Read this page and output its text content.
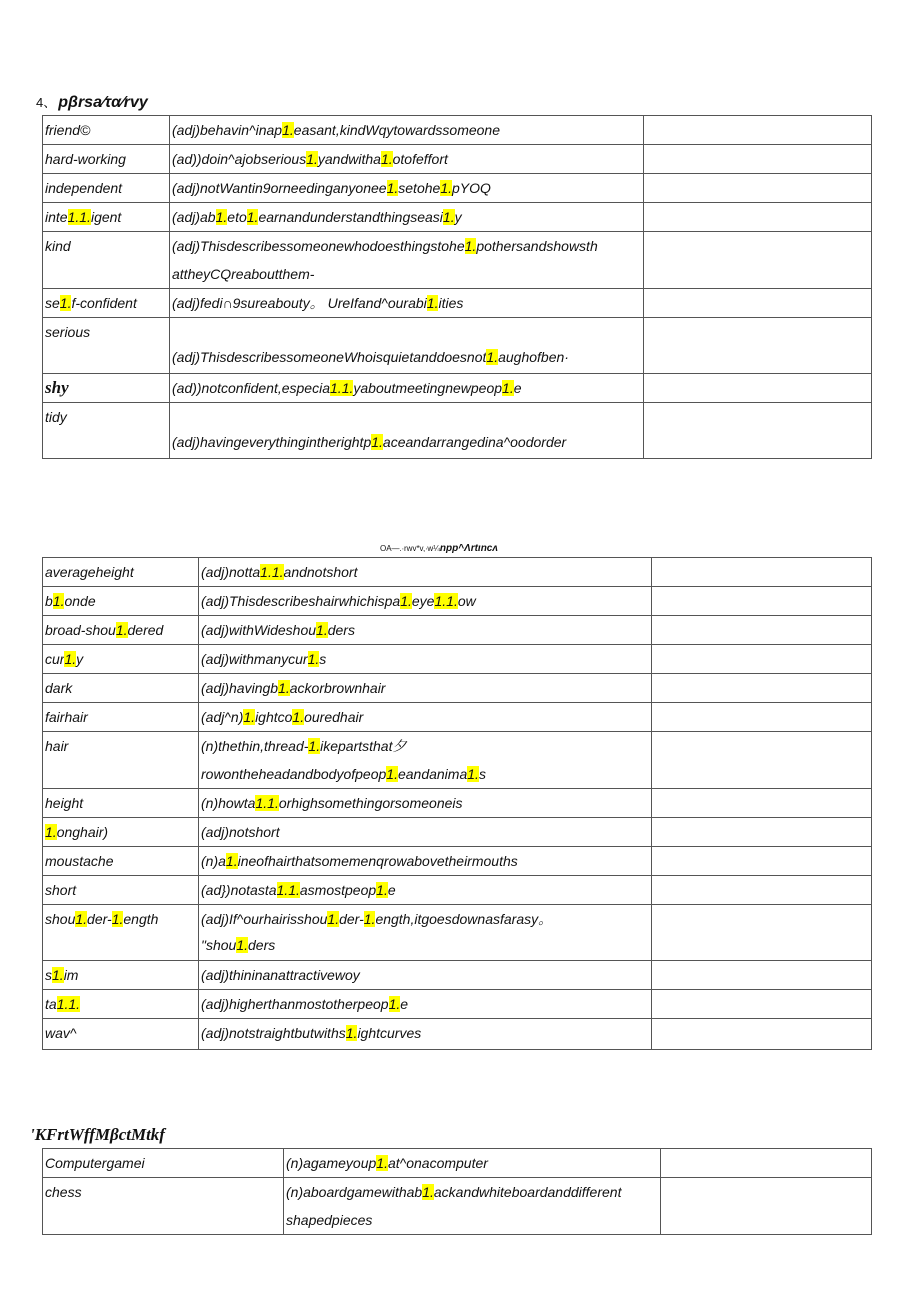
4、 pβrsa⁄τα⁄rvy
friend©	(adj)behavin^inap1.easant,kindWqytowardssomeone	
hard-working	(ad))doin^ajobserious1.yandwitha1.otofeffort	
independent	(adj)notWantin9orneedinganyonee1.setohe1.pYOQ	
inte1.1.igent	(adj)ab1.eto1.earnandunderstandthingseasi1.y	
kind	(adj)Thisdescribessomeonewhodoesthingstohe1.pothersandshowsth
attheyCQreaboutthem-	

se1.f-confident	(adj)fedi∩9sureabouty。 UreIfand^ourabi1.ities	
serious	(adj)ThisdescribessomeoneWhoisquietanddoesnot1.aughofben·	
shy	(ad))notconfident,especia1.1.yaboutmeetingnewpeop1.e	
tidy	(adj)havingeverythingintherightp1.aceandarrangedina^oodorder	
OA—.∙rwv*v,∙w¼npp^Λrtιncʌ
averageheight	(adj)notta1.1.andnotshort	
b1.onde	(adj)Thisdescribeshairwhichispa1.eye1.1.ow	
broad-shou1.dered	(adj)withWideshou1.ders	
cur1.y	(adj)withmanycur1.s	
dark	(adj)havingb1.ackorbrownhair	
fairhair	(adj^n)1.ightco1.ouredhair	
hair	(n)thethin,thread-1.ikepartsthat夕
rowontheheadandbodyofpeop1.eandanima1.s	

height	(n)howta1.1.orhighsomethingorsomeoneis	
1.onghair)	(adj)notshort	
moustache	(n)a1.ineofhairthatsomemenqrowabovetheirmouths	
short	(ad})notasta1.1.asmostpeop1.e	
shou1.der-1.ength	(adj)If^ourhairisshou1.der-1.ength,itgoesdownasfarasy。
"shou1.ders	

s1.im	(adj)thininanattractivewoy	
ta1.1.	(adj)higherthanmostotherpeop1.e	
wav^	(adj)notstraightbutwiths1.ightcurves	
'KFrtWffMβctMtkf
Computergamei	(n)agameyoup1.at^onacomputer	
chess	(n)aboardgamewithab1.ackandwhiteboardanddifferent
shapedpieces	
